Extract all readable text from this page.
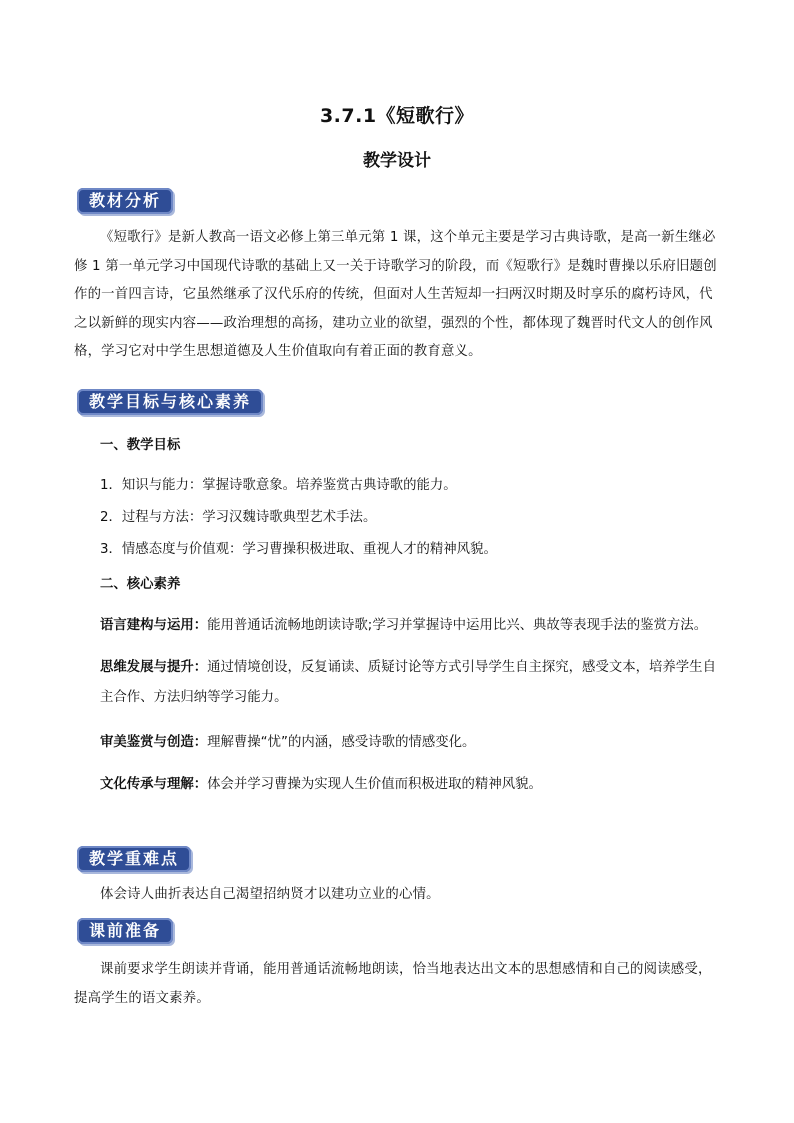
3.7.1《短歌行》
教学设计
教材分析

《短歌行》是新人教高一语文必修上第三单元第 1 课，这个单元主要是学习古典诗歌，是高一新生继必修 1 第一单元学习中国现代诗歌的基础上又一关于诗歌学习的阶段，而《短歌行》是魏时曹操以乐府旧题创作的一首四言诗，它虽然继承了汉代乐府的传统，但面对人生苦短却一扫两汉时期及时享乐的腐朽诗风，代之以新鲜的现实内容——政治理想的高扬，建功立业的欲望，强烈的个性，都体现了魏晋时代文人的创作风格，学习它对中学生思想道德及人生价值取向有着正面的教育意义。

教学目标与核心素养
一、教学目标
1．知识与能力：掌握诗歌意象。培养鉴赏古典诗歌的能力。
2．过程与方法：学习汉魏诗歌典型艺术手法。
3．情感态度与价值观：学习曹操积极进取、重视人才的精神风貌。
二、核心素养

语言建构与运用：能用普通话流畅地朗读诗歌;学习并掌握诗中运用比兴、典故等表现手法的鉴赏方法。

思维发展与提升：通过情境创设，反复诵读、质疑讨论等方式引导学生自主探究，感受文本，培养学生自主合作、方法归纳等学习能力。

审美鉴赏与创造：理解曹操“忧”的内涵，感受诗歌的情感变化。

文化传承与理解：体会并学习曹操为实现人生价值而积极进取的精神风貌。

教学重难点

体会诗人曲折表达自己渴望招纳贤才以建功立业的心情。

课前准备

课前要求学生朗读并背诵，能用普通话流畅地朗读，恰当地表达出文本的思想感情和自己的阅读感受，提高学生的语文素养。
